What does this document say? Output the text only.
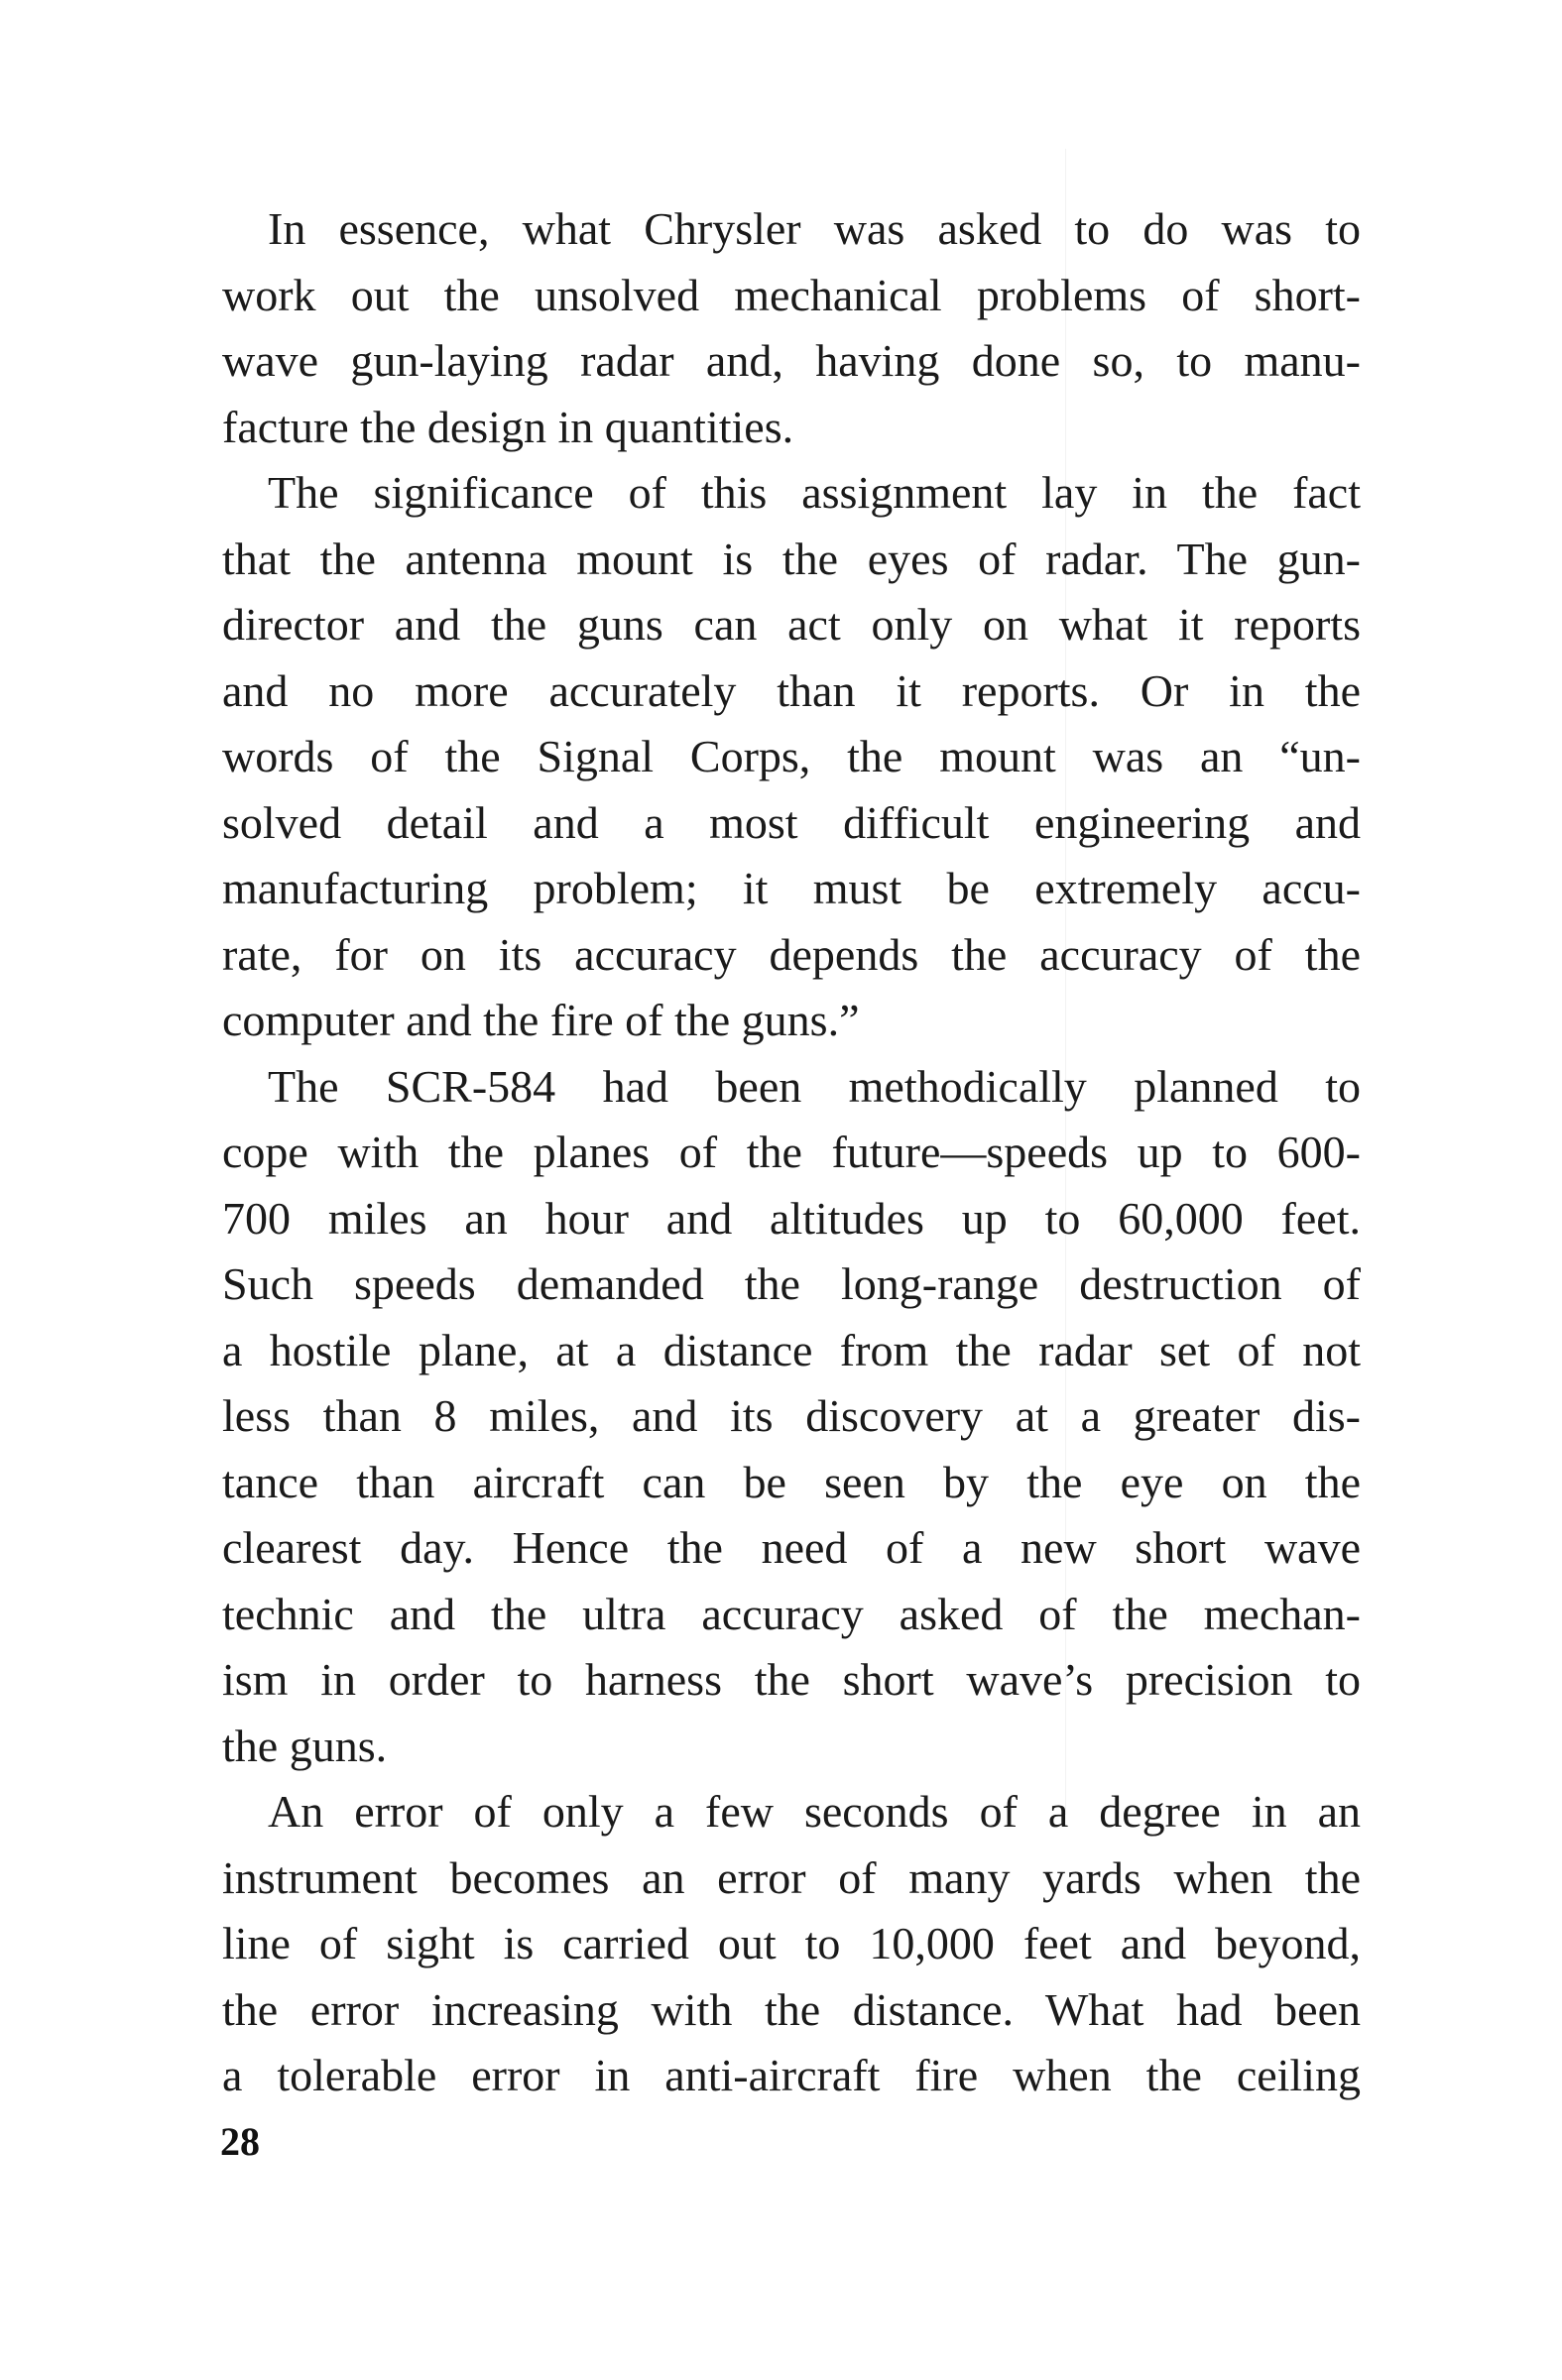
In essence, what Chrysler was asked to do was to
work out the unsolved mechanical problems of short-
wave gun-laying radar and, having done so, to manu-
facture the design in quantities.

The significance of this assignment lay in the fact
that the antenna mount is the eyes of radar. The gun-
director and the guns can act only on what it reports
and no more accurately than it reports. Or in the
words of the Signal Corps, the mount was an “un-
solved detail and a most difficult engineering and
manufacturing problem; it must be extremely accu-
rate, for on its accuracy depends the accuracy of the
computer and the fire of the guns.”

The SCR-584 had been methodically planned to
cope with the planes of the future—speeds up to 600-
700 miles an hour and altitudes up to 60,000 feet.
Such speeds demanded the long-range destruction of
a hostile plane, at a distance from the radar set of not
less than 8 miles, and its discovery at a greater dis-
tance than aircraft can be seen by the eye on the
clearest day. Hence the need of a new short wave
technic and the ultra accuracy asked of the mechan-
ism in order to harness the short wave’s precision to
the guns.

An error of only a few seconds of a degree in an
instrument becomes an error of many yards when the
line of sight is carried out to 10,000 feet and beyond,
the error increasing with the distance. What had been
a tolerable error in anti-aircraft fire when the ceiling

28
